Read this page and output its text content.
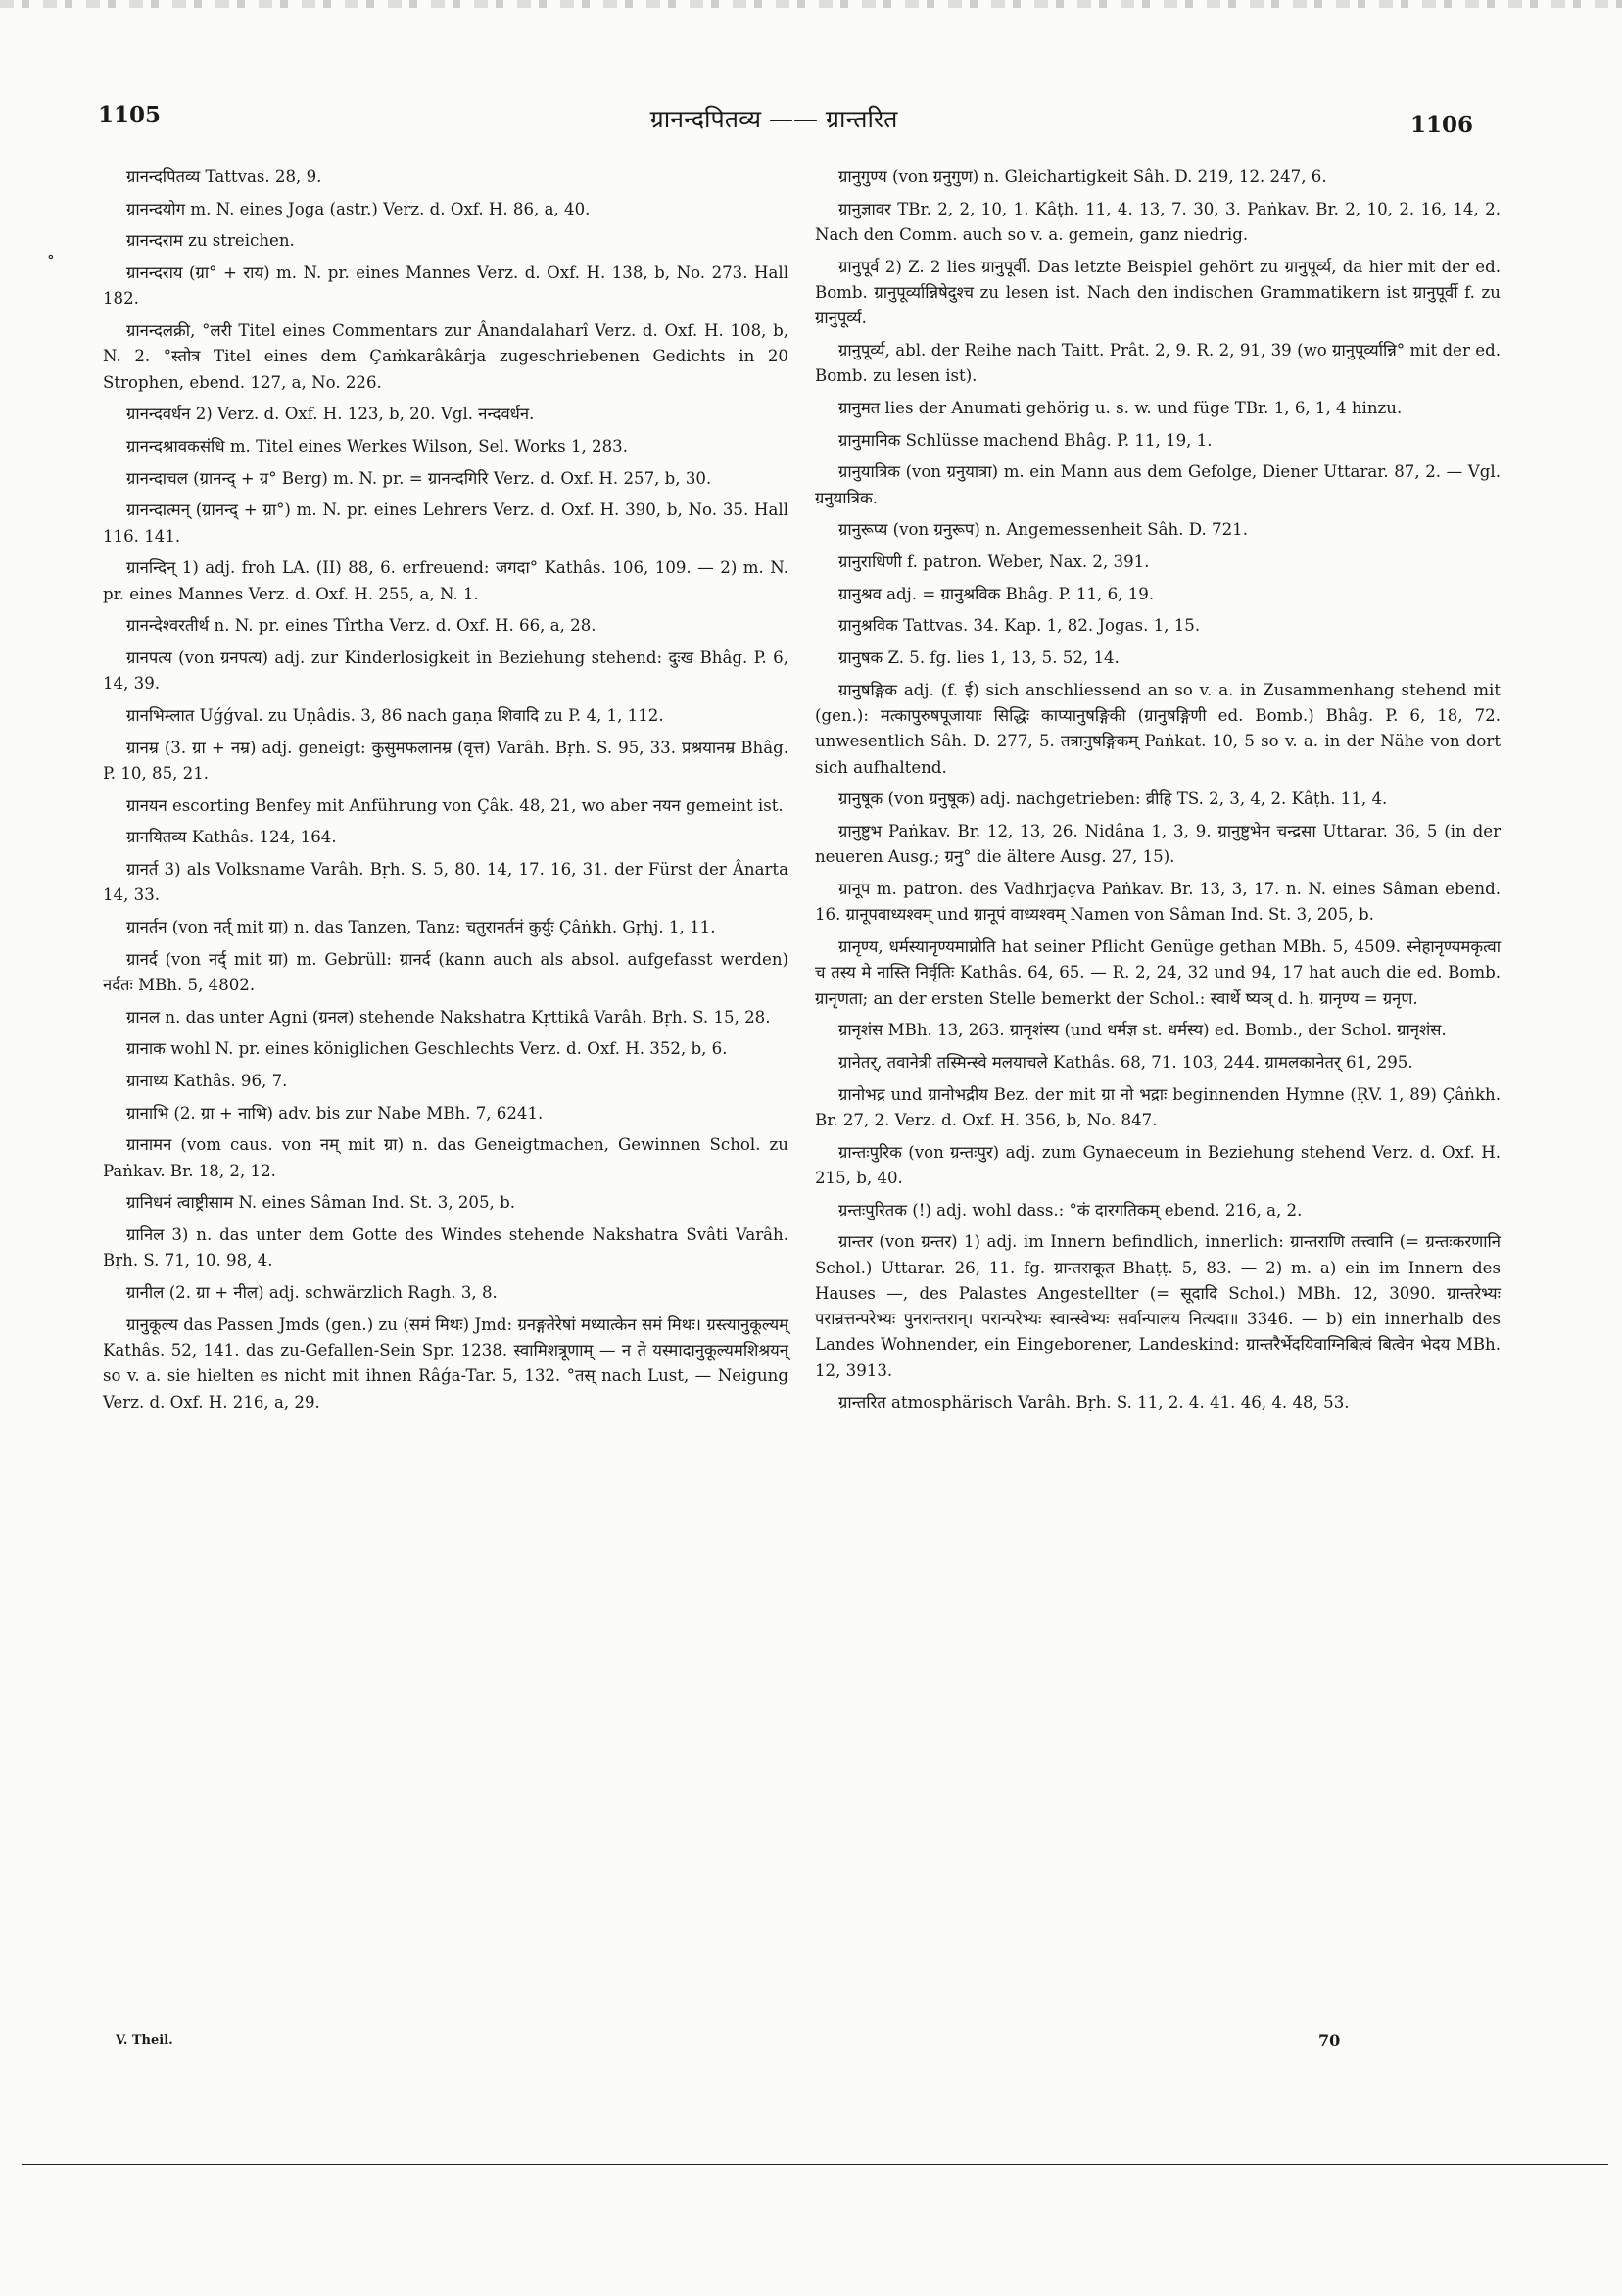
1105	ग्रानन्दपितव्य —— ग्रान्तरित	1106
∘

ग्रानन्दपितव्य Tattvas. 28, 9.

ग्रानन्दयोग m. N. eines Joga (astr.) Verz. d. Oxf. H. 86, a, 40.

ग्रानन्दराम zu streichen.

ग्रानन्दराय (ग्रा° + राय) m. N. pr. eines Mannes Verz. d. Oxf. H. 138, b, No. 273. Hall 182.

ग्रानन्दलक्री, °लरी Titel eines Commentars zur Ânandalaharî Verz. d. Oxf. H. 108, b, N. 2. °स्तोत्र Titel eines dem Çaṁkarâkârja zugeschriebenen Gedichts in 20 Strophen, ebend. 127, a, No. 226.

ग्रानन्दवर्धन 2) Verz. d. Oxf. H. 123, b, 20. Vgl. नन्दवर्धन.

ग्रानन्दश्रावकसंधि m. Titel eines Werkes Wilson, Sel. Works 1, 283.

ग्रानन्दाचल (ग्रानन्द् + ग्र° Berg) m. N. pr. = ग्रानन्दगिरि Verz. d. Oxf. H. 257, b, 30.

ग्रानन्दात्मन् (ग्रानन्द् + ग्रा°) m. N. pr. eines Lehrers Verz. d. Oxf. H. 390, b, No. 35. Hall 116. 141.

ग्रानन्दिन् 1) adj. froh LA. (II) 88, 6. erfreuend: जगदा° Kathâs. 106, 109. — 2) m. N. pr. eines Mannes Verz. d. Oxf. H. 255, a, N. 1.

ग्रानन्देश्वरतीर्थ n. N. pr. eines Tîrtha Verz. d. Oxf. H. 66, a, 28.

ग्रानपत्य (von ग्रनपत्य) adj. zur Kinderlosigkeit in Beziehung stehend: दुःख Bhâg. P. 6, 14, 39.

ग्रानभिम्लात Uǵǵval. zu Uṇâdis. 3, 86 nach gaṇa शिवादि zu P. 4, 1, 112.

ग्रानम्र (3. ग्रा + नम्र) adj. geneigt: कुसुमफलानम्र (वृत्त) Varâh. Bṛh. S. 95, 33. प्रश्रयानम्र Bhâg. P. 10, 85, 21.

ग्रानयन escorting Benfey mit Anführung von Çâk. 48, 21, wo aber नयन gemeint ist.

ग्रानयितव्य Kathâs. 124, 164.

ग्रानर्त 3) als Volksname Varâh. Bṛh. S. 5, 80. 14, 17. 16, 31. der Fürst der Ânarta 14, 33.

ग्रानर्तन (von नर्त् mit ग्रा) n. das Tanzen, Tanz: चतुरानर्तनं कुर्युः Çâṅkh. Gṛhj. 1, 11.

ग्रानर्द (von नर्द् mit ग्रा) m. Gebrüll: ग्रानर्द (kann auch als absol. aufgefasst werden) नर्दतः MBh. 5, 4802.

ग्रानल n. das unter Agni (ग्रनल) stehende Nakshatra Kṛttikâ Varâh. Bṛh. S. 15, 28.

ग्रानाक wohl N. pr. eines königlichen Geschlechts Verz. d. Oxf. H. 352, b, 6.

ग्रानाध्य Kathâs. 96, 7.

ग्रानाभि (2. ग्रा + नाभि) adv. bis zur Nabe MBh. 7, 6241.

ग्रानामन (vom caus. von नम् mit ग्रा) n. das Geneigtmachen, Gewinnen Schol. zu Paṅkav. Br. 18, 2, 12.

ग्रानिधनं त्वाष्ट्रीसाम N. eines Sâman Ind. St. 3, 205, b.

ग्रानिल 3) n. das unter dem Gotte des Windes stehende Nakshatra Svâti Varâh. Bṛh. S. 71, 10. 98, 4.

ग्रानील (2. ग्रा + नील) adj. schwärzlich Ragh. 3, 8.

ग्रानुकूल्य das Passen Jmds (gen.) zu (समं मिथः) Jmd: ग्रनङ्गतेरेषां मध्यात्केन समं मिथः। ग्रस्त्यानुकूल्यम् Kathâs. 52, 141. das zu-Gefallen-Sein Spr. 1238. स्वामिशत्रूणाम् — न ते यस्मादानुकूल्यमशिश्रयन् so v. a. sie hielten es nicht mit ihnen Râǵa-Tar. 5, 132. °तस् nach Lust, — Neigung Verz. d. Oxf. H. 216, a, 29.

ग्रानुगुण्य (von ग्रनुगुण) n. Gleichartigkeit Sâh. D. 219, 12. 247, 6.

ग्रानुज्ञावर TBr. 2, 2, 10, 1. Kâṭh. 11, 4. 13, 7. 30, 3. Paṅkav. Br. 2, 10, 2. 16, 14, 2. Nach den Comm. auch so v. a. gemein, ganz niedrig.

ग्रानुपूर्व 2) Z. 2 lies ग्रानुपूर्वी. Das letzte Beispiel gehört zu ग्रानुपूर्व्य, da hier mit der ed. Bomb. ग्रानुपूर्व्यान्निषेदुश्च zu lesen ist. Nach den indischen Grammatikern ist ग्रानुपूर्वी f. zu ग्रानुपूर्व्य.

ग्रानुपूर्व्य, abl. der Reihe nach Taitt. Prât. 2, 9. R. 2, 91, 39 (wo ग्रानुपूर्व्यान्नि° mit der ed. Bomb. zu lesen ist).

ग्रानुमत lies der Anumati gehörig u. s. w. und füge TBr. 1, 6, 1, 4 hinzu.

ग्रानुमानिक Schlüsse machend Bhâg. P. 11, 19, 1.

ग्रानुयात्रिक (von ग्रनुयात्रा) m. ein Mann aus dem Gefolge, Diener Uttarar. 87, 2. — Vgl. ग्रनुयात्रिक.

ग्रानुरूप्य (von ग्रनुरूप) n. Angemessenheit Sâh. D. 721.

ग्रानुराधिणी f. patron. Weber, Nax. 2, 391.

ग्रानुश्रव adj. = ग्रानुश्रविक Bhâg. P. 11, 6, 19.

ग्रानुश्रविक Tattvas. 34. Kap. 1, 82. Jogas. 1, 15.

ग्रानुषक Z. 5. fg. lies 1, 13, 5. 52, 14.

ग्रानुषङ्गिक adj. (f. ई) sich anschliessend an so v. a. in Zusammenhang stehend mit (gen.): मत्कापुरुषपूजायाः सिद्धिः काप्यानुषङ्गिकी (ग्रानुषङ्गिणी ed. Bomb.) Bhâg. P. 6, 18, 72. unwesentlich Sâh. D. 277, 5. तत्रानुषङ्गिकम् Paṅkat. 10, 5 so v. a. in der Nähe von dort sich aufhaltend.

ग्रानुषूक (von ग्रनुषूक) adj. nachgetrieben: व्रीहि TS. 2, 3, 4, 2. Kâṭh. 11, 4.

ग्रानुष्टुभ Paṅkav. Br. 12, 13, 26. Nidâna 1, 3, 9. ग्रानुष्टुभेन चन्द्रसा Uttarar. 36, 5 (in der neueren Ausg.; ग्रनु° die ältere Ausg. 27, 15).

ग्रानूप m. patron. des Vadhrjaçva Paṅkav. Br. 13, 3, 17. n. N. eines Sâman ebend. 16. ग्रानूपवाध्यश्वम् und ग्रानूपं वाध्यश्वम् Namen von Sâman Ind. St. 3, 205, b.

ग्रानृण्य, धर्मस्यानृण्यमाप्नोति hat seiner Pflicht Genüge gethan MBh. 5, 4509. स्नेहानृण्यमकृत्वा च तस्य मे नास्ति निर्वृतिः Kathâs. 64, 65. — R. 2, 24, 32 und 94, 17 hat auch die ed. Bomb. ग्रानृणता; an der ersten Stelle bemerkt der Schol.: स्वार्थे ष्यञ् d. h. ग्रानृण्य = ग्रनृण.

ग्रानृशंस MBh. 13, 263. ग्रानृशंस्य (und धर्मज्ञ st. धर्मस्य) ed. Bomb., der Schol. ग्रानृशंस.

ग्रानेतर्, तवानेत्री तस्मिन्स्वे मलयाचले Kathâs. 68, 71. 103, 244. ग्रामलकानेतर् 61, 295.

ग्रानोभद्र und ग्रानोभद्रीय Bez. der mit ग्रा नो भद्राः beginnenden Hymne (ṚV. 1, 89) Çâṅkh. Br. 27, 2. Verz. d. Oxf. H. 356, b, No. 847.

ग्रान्तःपुरिक (von ग्रन्तःपुर) adj. zum Gynaeceum in Beziehung stehend Verz. d. Oxf. H. 215, b, 40.

ग्रन्तःपुरितक (!) adj. wohl dass.: °कं दारगतिकम् ebend. 216, a, 2.

ग्रान्तर (von ग्रन्तर) 1) adj. im Innern befindlich, innerlich: ग्रान्तराणि तत्त्वानि (= ग्रन्तःकरणानि Schol.) Uttarar. 26, 11. fg. ग्रान्तराकूत Bhaṭṭ. 5, 83. — 2) m. a) ein im Innern des Hauses —, des Palastes Angestellter (= सूदादि Schol.) MBh. 12, 3090. ग्रान्तरेभ्यः परान्रत्तन्परेभ्यः पुनरान्तरान्। परान्परेभ्यः स्वान्स्वेभ्यः सर्वान्पालय नित्यदा॥ 3346. — b) ein innerhalb des Landes Wohnender, ein Eingeborener, Landeskind: ग्रान्तरैर्भेदयिवाग्निबित्वं बित्वेन भेदय MBh. 12, 3913.

ग्रान्तरित atmosphärisch Varâh. Bṛh. S. 11, 2. 4. 41. 46, 4. 48, 53.

V. Theil.	70
